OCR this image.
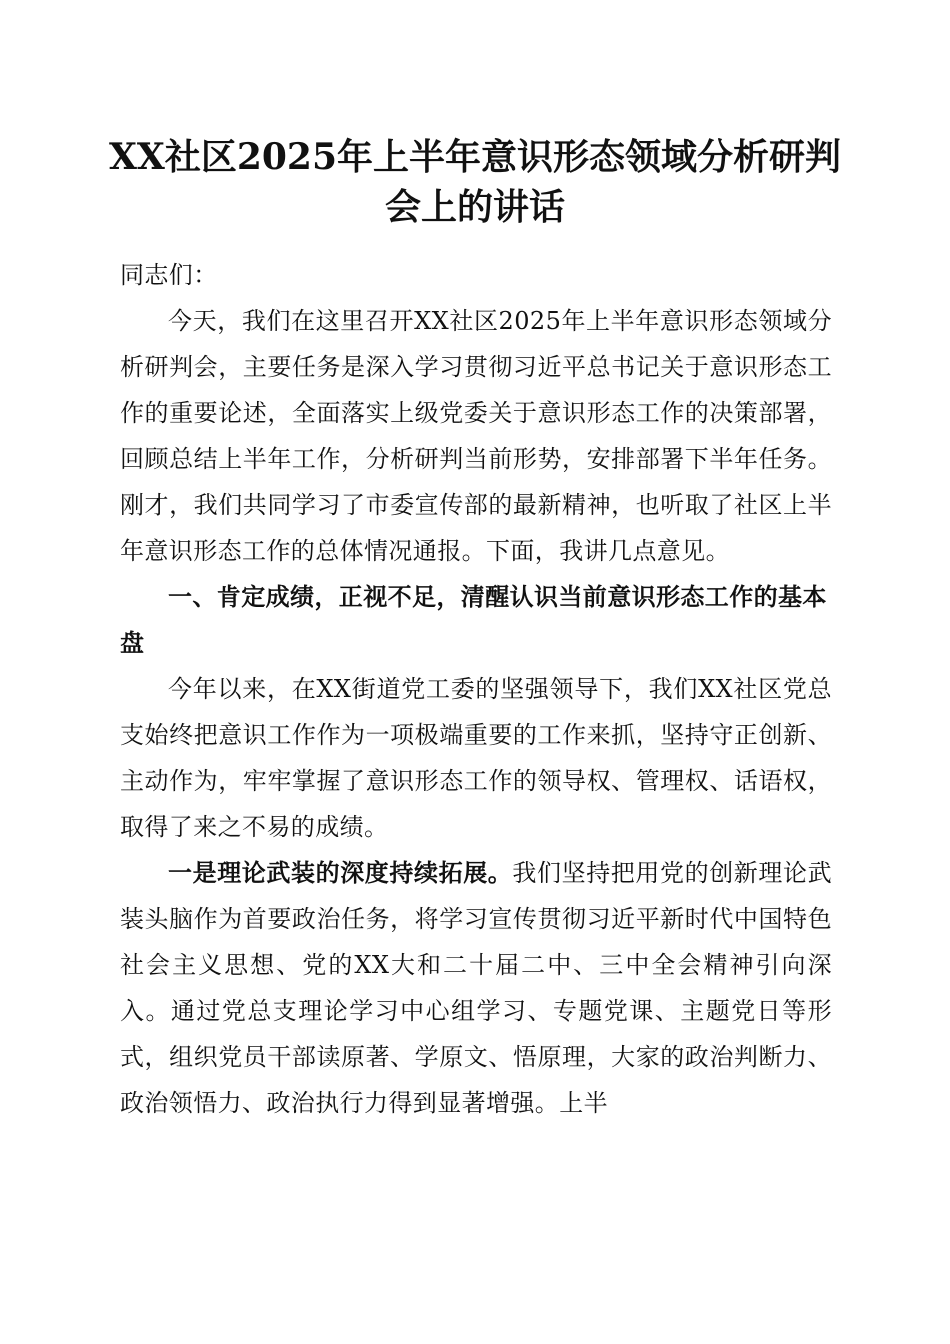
XX社区2025年上半年意识形态领域分析研判
会上的讲话

同志们：

今天，我们在这里召开XX社区2025年上半年意识形态领域分析研判会，主要任务是深入学习贯彻习近平总书记关于意识形态工作的重要论述，全面落实上级党委关于意识形态工作的决策部署，回顾总结上半年工作，分析研判当前形势，安排部署下半年任务。刚才，我们共同学习了市委宣传部的最新精神，也听取了社区上半年意识形态工作的总体情况通报。下面，我讲几点意见。

一、肯定成绩，正视不足，清醒认识当前意识形态工作的基本盘

今年以来，在XX街道党工委的坚强领导下，我们XX社区党总支始终把意识工作作为一项极端重要的工作来抓，坚持守正创新、主动作为，牢牢掌握了意识形态工作的领导权、管理权、话语权，取得了来之不易的成绩。

一是理论武装的深度持续拓展。我们坚持把用党的创新理论武装头脑作为首要政治任务，将学习宣传贯彻习近平新时代中国特色社会主义思想、党的XX大和二十届二中、三中全会精神引向深入。通过党总支理论学习中心组学习、专题党课、主题党日等形式，组织党员干部读原著、学原文、悟原理，大家的政治判断力、政治领悟力、政治执行力得到显著增强。上半
